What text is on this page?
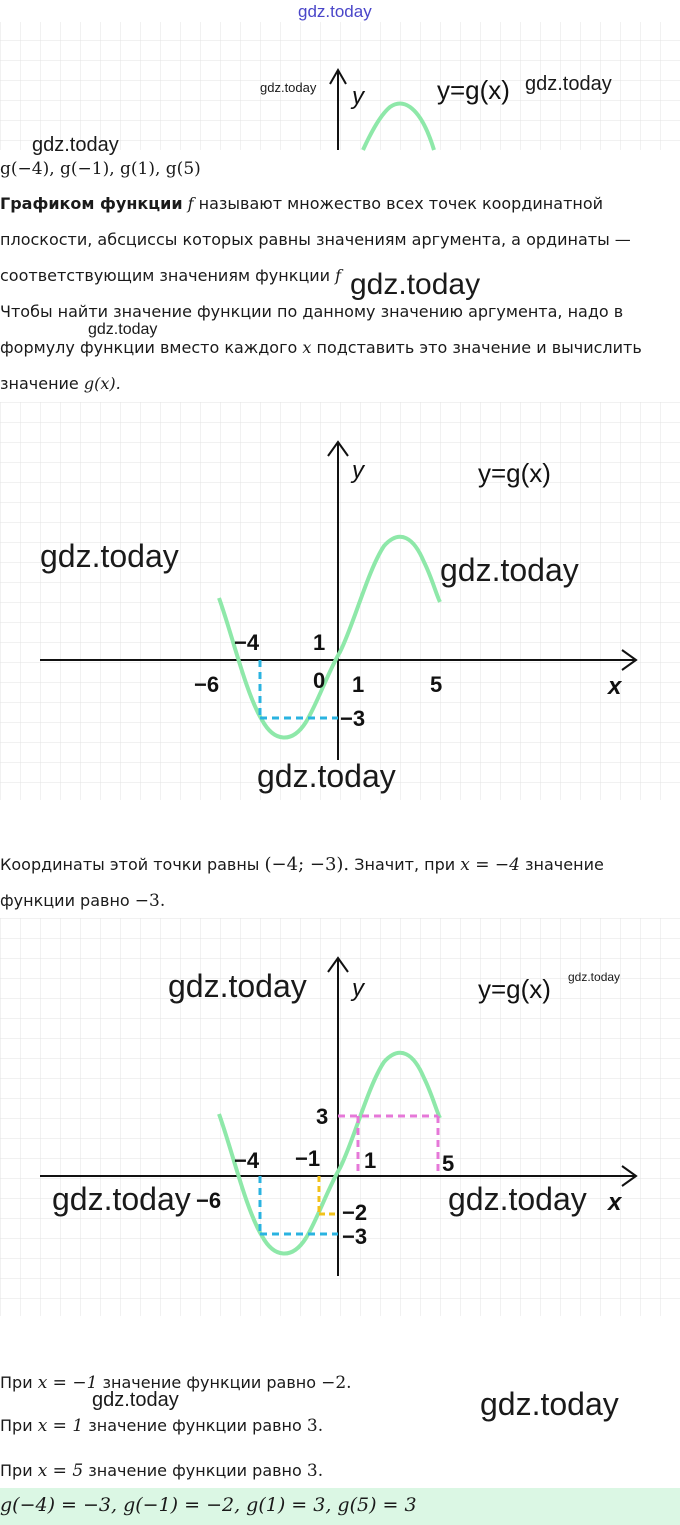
gdz.today
y	y=g(x)
gdz.today	gdz.today
gdz.today
g(−4), g(−1), g(1), g(5)
Графиком функции f называют множество всех точек координатной
плоскости, абсцисcы которых равны значениям аргумента, а ординаты —
соответствующим значениям функции f gdz.today
Чтобы найти значение функции по данному значению аргумента, надо в
gdz.today
формулу функции вместо каждого x подставить это значение и вычислить
значение g(x).
y	y=g(x)
−4 1
−6	0 1	5	x
−3
gdz.today	gdz.today
gdz.today
Координаты этой точки равны (−4; −3). Значит, при x = −4 значение
функции равно −3.
y	y=g(x)
3
−4 −1 1	5
−6	x
−2
−3
gdz.today	gdz.today
gdz.today	gdz.today
При x = −1 значение функции равно −2.
gdz.today	gdz.today
При x = 1 значение функции равно 3.
При x = 5 значение функции равно 3.
g(−4) = −3, g(−1) = −2, g(1) = 3, g(5) = 3
